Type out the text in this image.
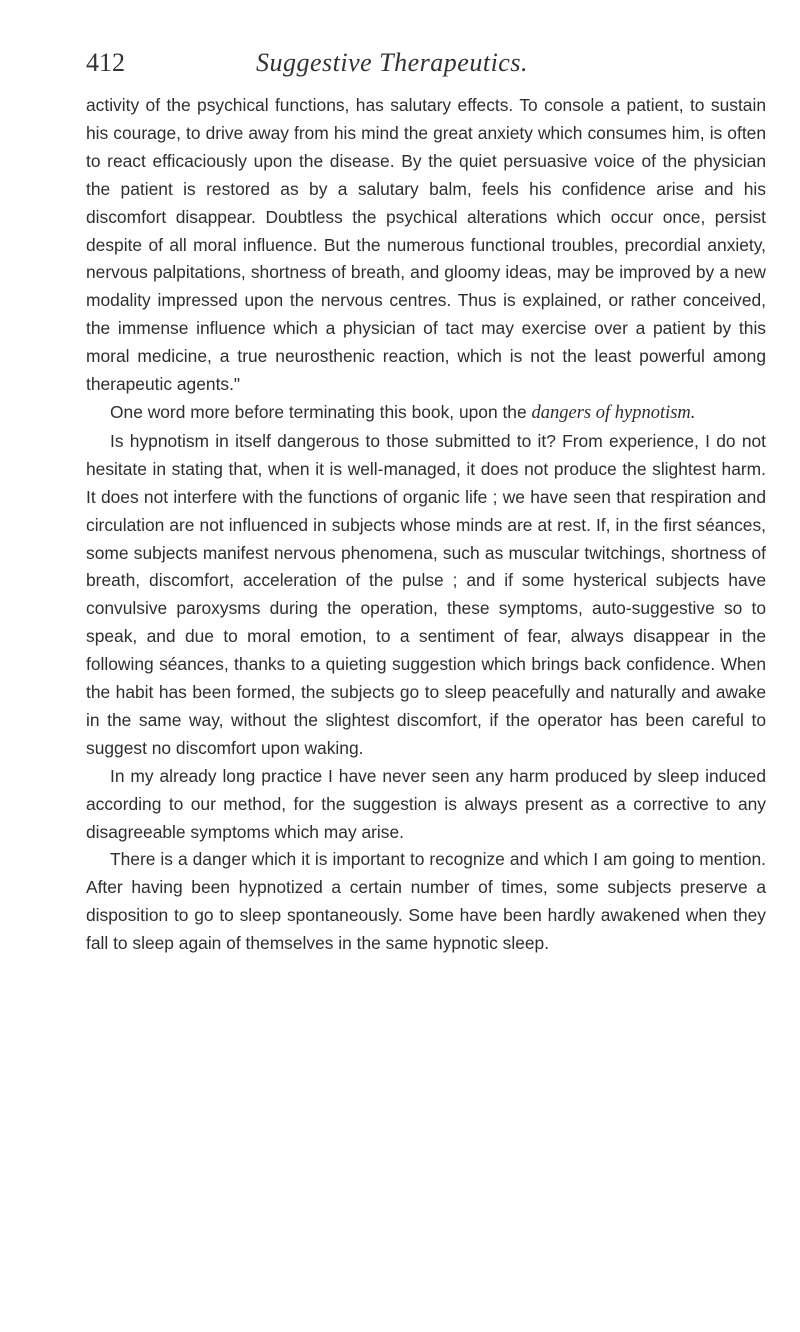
412	Suggestive Therapeutics.

activity of the psychical functions, has salutary effects. To console a patient, to sustain his courage, to drive away from his mind the great anxiety which consumes him, is often to react efficaciously upon the disease. By the quiet persuasive voice of the physician the patient is restored as by a salutary balm, feels his confidence arise and his discomfort disappear. Doubtless the psychical alterations which occur once, persist despite of all moral influence. But the numerous functional troubles, precordial anxiety, nervous palpitations, shortness of breath, and gloomy ideas, may be improved by a new modality impressed upon the nervous centres. Thus is explained, or rather conceived, the immense influence which a physician of tact may exercise over a patient by this moral medicine, a true neurosthenic reaction, which is not the least powerful among therapeutic agents."

One word more before terminating this book, upon the dangers of hypnotism.

Is hypnotism in itself dangerous to those submitted to it? From experience, I do not hesitate in stating that, when it is well-managed, it does not produce the slightest harm. It does not interfere with the functions of organic life ; we have seen that respiration and circulation are not influenced in subjects whose minds are at rest. If, in the first séances, some subjects manifest nervous phenomena, such as muscular twitchings, shortness of breath, discomfort, acceleration of the pulse ; and if some hysterical subjects have convulsive paroxysms during the operation, these symptoms, auto-suggestive so to speak, and due to moral emotion, to a sentiment of fear, always disappear in the following séances, thanks to a quieting suggestion which brings back confidence. When the habit has been formed, the subjects go to sleep peacefully and naturally and awake in the same way, without the slightest discomfort, if the operator has been careful to suggest no discomfort upon waking.

In my already long practice I have never seen any harm produced by sleep induced according to our method, for the suggestion is always present as a corrective to any disagreeable symptoms which may arise.

There is a danger which it is important to recognize and which I am going to mention. After having been hypnotized a certain number of times, some subjects preserve a disposition to go to sleep spontaneously. Some have been hardly awakened when they fall to sleep again of themselves in the same hypnotic sleep.
